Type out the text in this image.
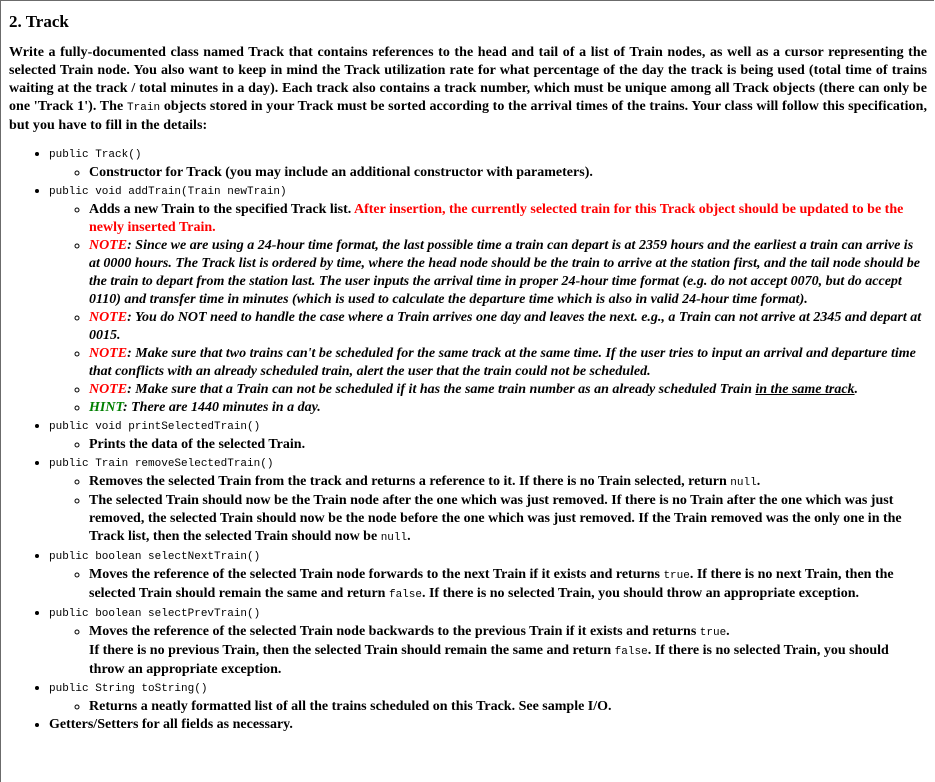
2. Track

Write a fully-documented class named Track that contains references to the head and tail of a list of Train nodes, as well as a cursor representing the selected Train node. You also want to keep in mind the Track utilization rate for what percentage of the day the track is being used (total time of trains waiting at the track / total minutes in a day). Each track also contains a track number, which must be unique among all Track objects (there can only be one 'Track 1'). The Train objects stored in your Track must be sorted according to the arrival times of the trains. Your class will follow this specification, but you have to fill in the details:

• public Track()
◦ Constructor for Track (you may include an additional constructor with parameters).
• public void addTrain(Train newTrain)
◦ Adds a new Train to the specified Track list. After insertion, the currently selected train for this Track object should be updated to be the newly inserted Train.
◦ NOTE: Since we are using a 24-hour time format, the last possible time a train can depart is at 2359 hours and the earliest a train can arrive is at 0000 hours. The Track list is ordered by time, where the head node should be the train to arrive at the station first, and the tail node should be the train to depart from the station last. The user inputs the arrival time in proper 24-hour time format (e.g. do not accept 0070, but do accept 0110) and transfer time in minutes (which is used to calculate the departure time which is also in valid 24-hour time format).
◦ NOTE: You do NOT need to handle the case where a Train arrives one day and leaves the next. e.g., a Train can not arrive at 2345 and depart at 0015.
◦ NOTE: Make sure that two trains can't be scheduled for the same track at the same time. If the user tries to input an arrival and departure time that conflicts with an already scheduled train, alert the user that the train could not be scheduled.
◦ NOTE: Make sure that a Train can not be scheduled if it has the same train number as an already scheduled Train in the same track.
◦ HINT: There are 1440 minutes in a day.
• public void printSelectedTrain()
◦ Prints the data of the selected Train.
• public Train removeSelectedTrain()
◦ Removes the selected Train from the track and returns a reference to it. If there is no Train selected, return null.
◦ The selected Train should now be the Train node after the one which was just removed. If there is no Train after the one which was just removed, the selected Train should now be the node before the one which was just removed. If the Train removed was the only one in the Track list, then the selected Train should now be null.
• public boolean selectNextTrain()
◦ Moves the reference of the selected Train node forwards to the next Train if it exists and returns true. If there is no next Train, then the selected Train should remain the same and return false. If there is no selected Train, you should throw an appropriate exception.
• public boolean selectPrevTrain()
◦ Moves the reference of the selected Train node backwards to the previous Train if it exists and returns true.
If there is no previous Train, then the selected Train should remain the same and return false. If there is no selected Train, you should throw an appropriate exception.
• public String toString()
◦ Returns a neatly formatted list of all the trains scheduled on this Track. See sample I/O.
• Getters/Setters for all fields as necessary.
